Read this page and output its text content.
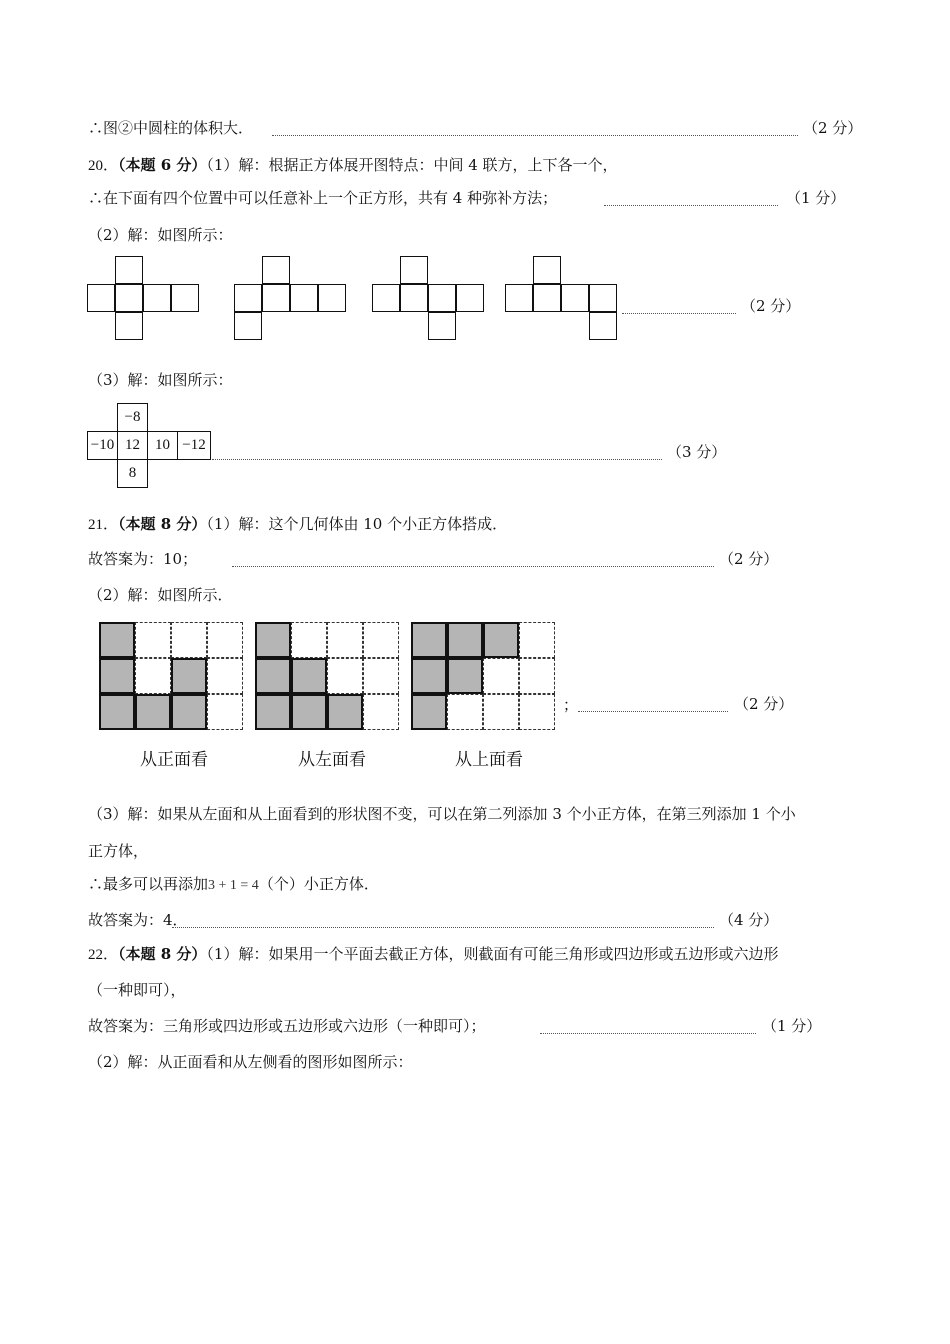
∴图②中圆柱的体积大．	（2 分）
20．（本题 6 分）（1）解：根据正方体展开图特点：中间 4 联方，上下各一个，
∴在下面有四个位置中可以任意补上一个正方形，共有 4 种弥补方法；	（1 分）
（2）解：如图所示：
（2 分）
（3）解：如图所示：
−8
−10 12	10 −12
8
（3 分）
21．（本题 8 分）（1）解：这个几何体由 10 个小正方体搭成．
故答案为：10；	（2 分）
（2）解：如图所示．
从正面看	从左面看	从上面看
；	（2 分）
（3）解：如果从左面和从上面看到的形状图不变，可以在第二列添加 3 个小正方体，在第三列添加 1 个小
正方体，
∴最多可以再添加3 + 1 = 4（个）小正方体．
故答案为：4．	（4 分）
22．（本题 8 分）（1）解：如果用一个平面去截正方体，则截面有可能三角形或四边形或五边形或六边形
（一种即可），
故答案为：三角形或四边形或五边形或六边形（一种即可）；	（1 分）
（2）解：从正面看和从左侧看的图形如图所示：
